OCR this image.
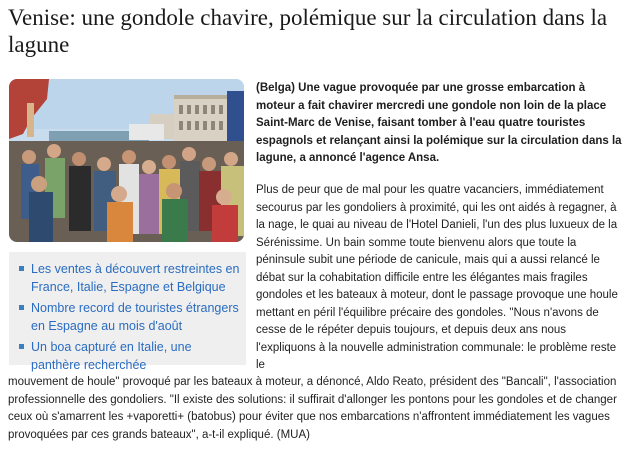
Venise: une gondole chavire, polémique sur la circulation dans la lagune
Les ventes à découvert restreintes en France, Italie, Espagne et Belgique
Nombre record de touristes étrangers en Espagne au mois d'août
Un boa capturé en Italie, une panthère recherchée
(Belga) Une vague provoquée par une grosse embarcation à moteur a fait chavirer mercredi une gondole non loin de la place Saint-Marc de Venise, faisant tomber à l'eau quatre touristes espagnols et relançant ainsi la polémique sur la circulation dans la lagune, a annoncé l'agence Ansa.
Plus de peur que de mal pour les quatre vacanciers, immédiatement secourus par les gondoliers à proximité, qui les ont aidés à regagner, à la nage, le quai au niveau de l'Hotel Danieli, l'un des plus luxueux de la Sérénissime. Un bain somme toute bienvenu alors que toute la péninsule subit une période de canicule, mais qui a aussi relancé le débat sur la cohabitation difficile entre les élégantes mais fragiles gondoles et les bateaux à moteur, dont le passage provoque une houle mettant en péril l'équilibre précaire des gondoles. "Nous n'avons de cesse de le répéter depuis toujours, et depuis deux ans nous l'expliquons à la nouvelle administration communale: le problème reste le
mouvement de houle" provoqué par les bateaux à moteur, a dénoncé, Aldo Reato, président des "Bancali", l'association professionnelle des gondoliers. "Il existe des solutions: il suffirait d'allonger les pontons pour les gondoles et de changer ceux où s'amarrent les +vaporetti+ (batobus) pour éviter que nos embarcations n'affrontent immédiatement les vagues provoquées par ces grands bateaux", a-t-il expliqué. (MUA)
